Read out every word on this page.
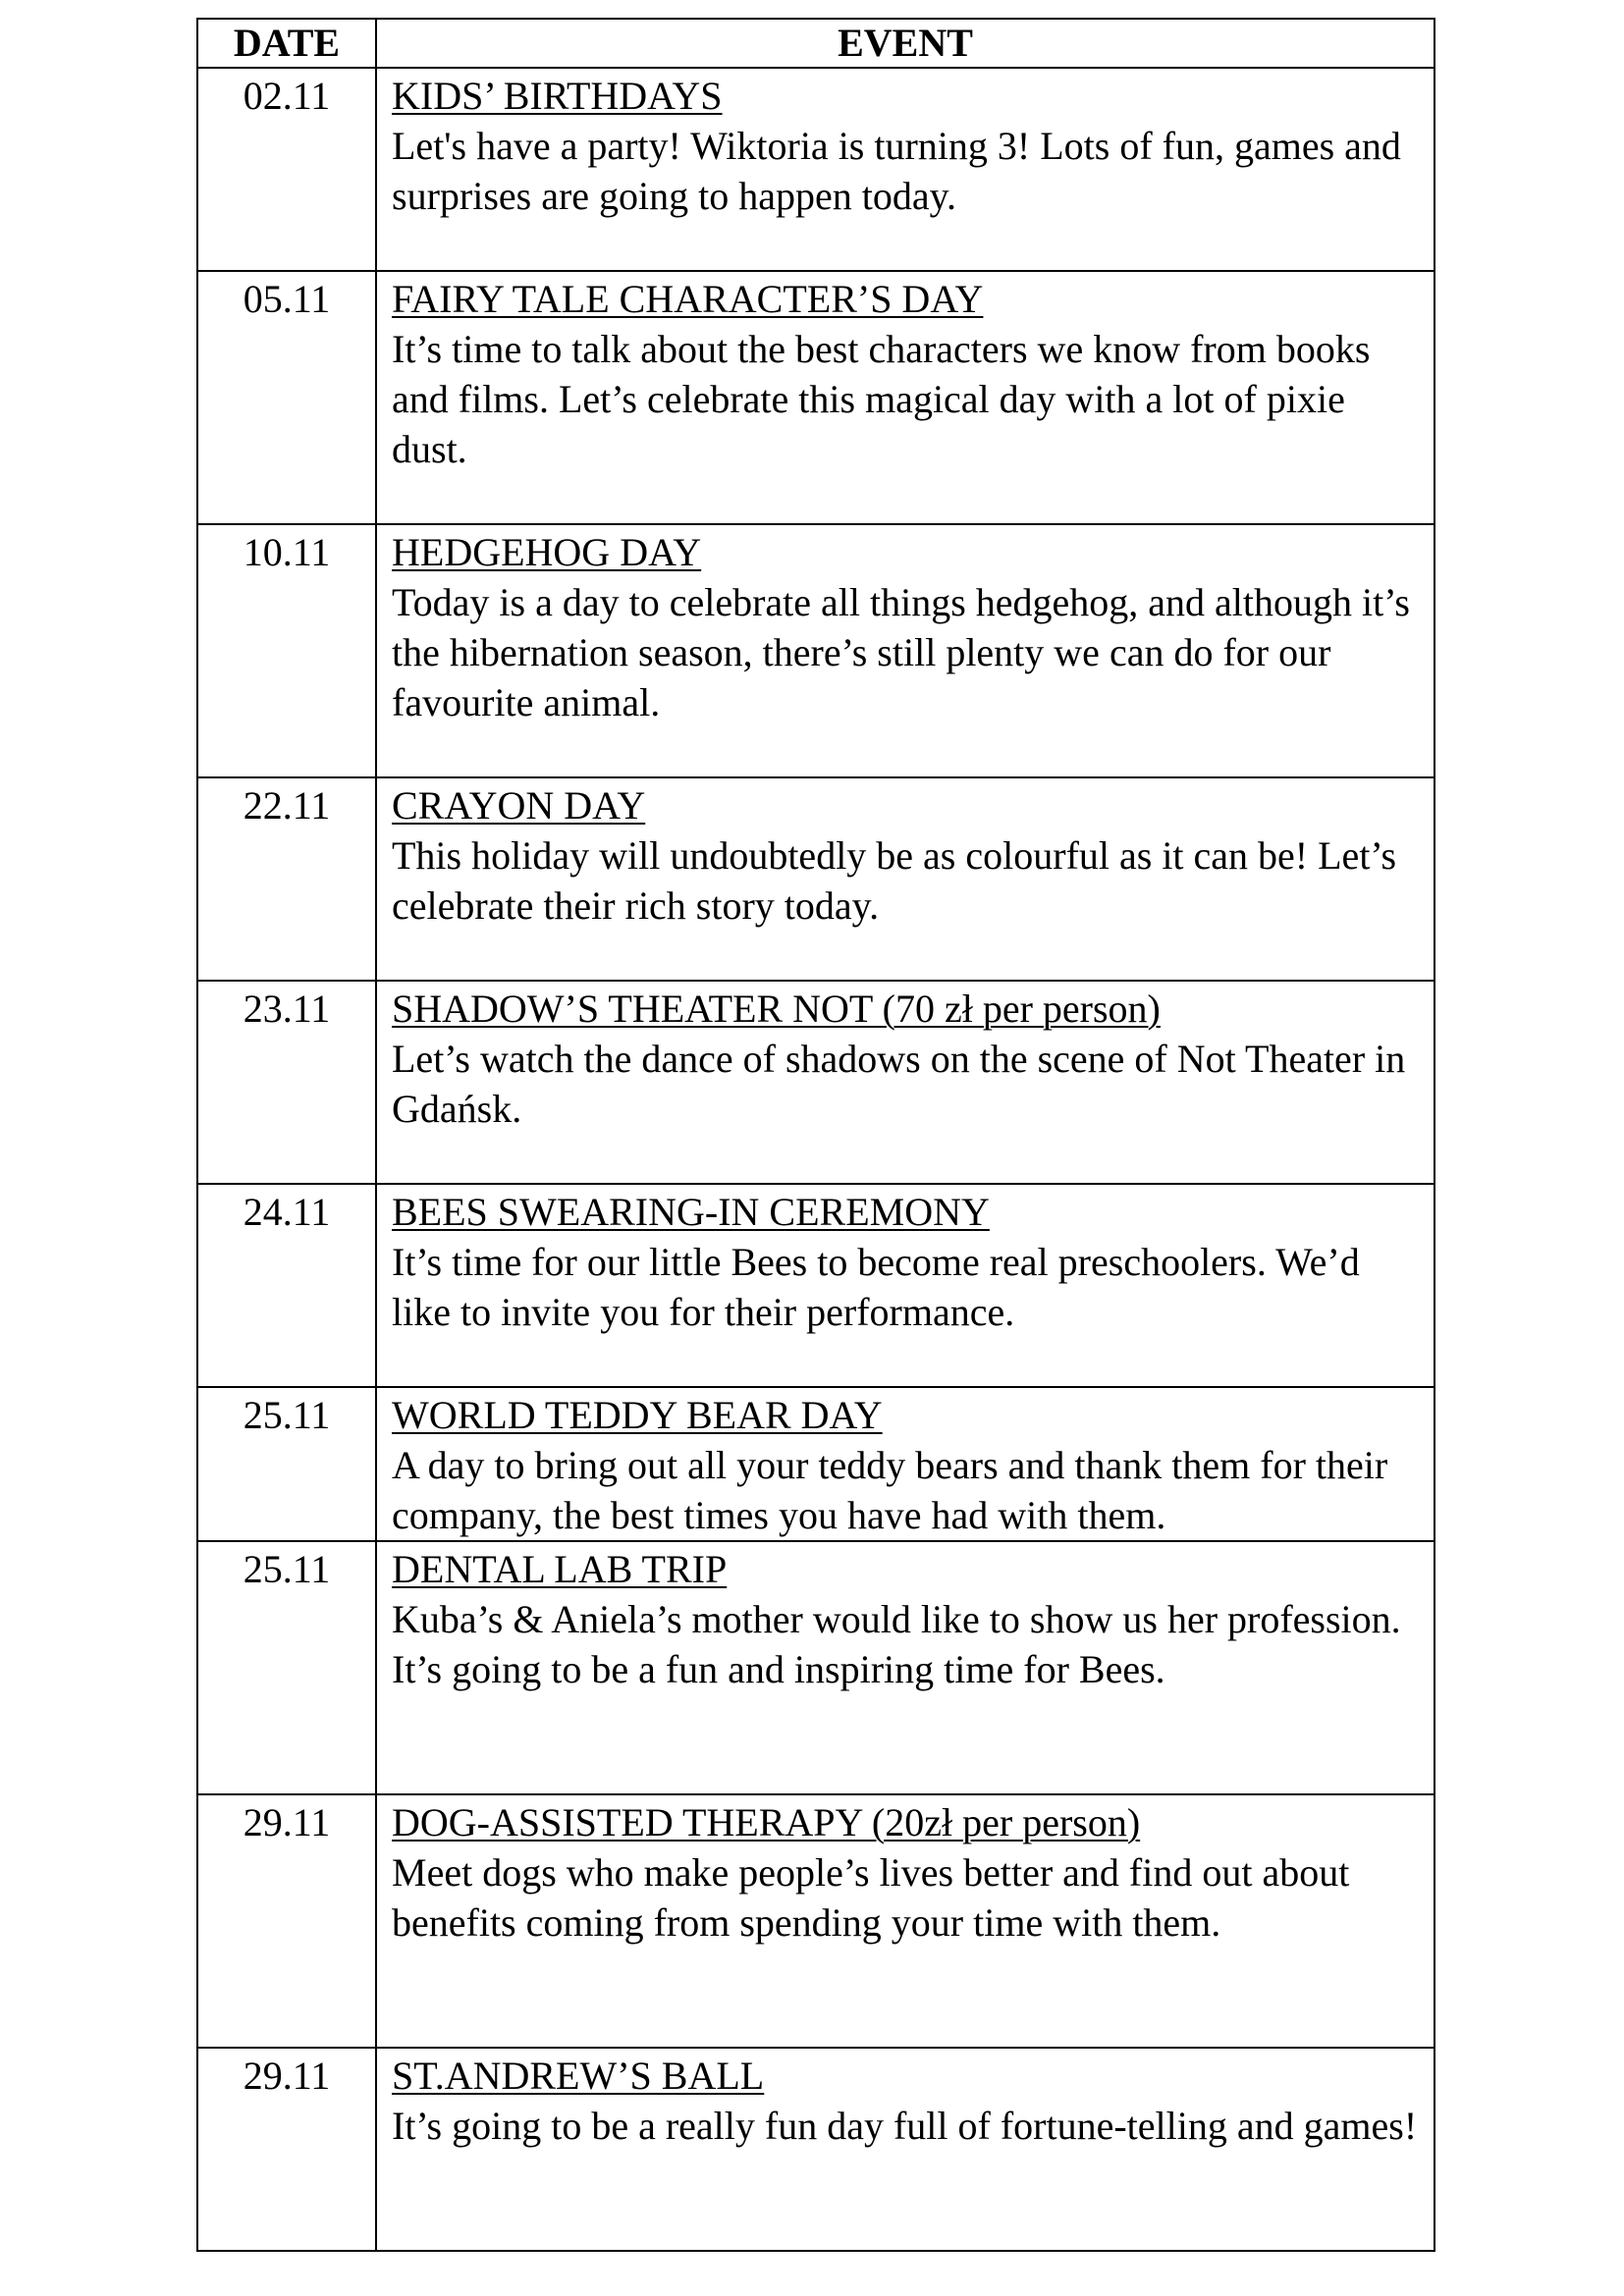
DATE	EVENT
02.11	KIDS’ BIRTHDAYS
Let's have a party! Wiktoria is turning 3! Lots of fun, games and surprises are going to happen today.

05.11	FAIRY TALE CHARACTER’S DAY
It’s time to talk about the best characters we know from books and films. Let’s celebrate this magical day with a lot of pixie dust.

10.11	HEDGEHOG DAY
Today is a day to celebrate all things hedgehog, and although it’s the hibernation season, there’s still plenty we can do for our favourite animal.

22.11	CRAYON DAY
This holiday will undoubtedly be as colourful as it can be! Let’s celebrate their rich story today.

23.11	SHADOW’S THEATER NOT (70 zł per person)
Let’s watch the dance of shadows on the scene of Not Theater in Gdańsk.

24.11	BEES SWEARING-IN CEREMONY
It’s time for our little Bees to become real preschoolers. We’d like to invite you for their performance.

25.11	WORLD TEDDY BEAR DAY
A day to bring out all your teddy bears and thank them for their company, the best times you have had with them.

25.11	DENTAL LAB TRIP
Kuba’s & Aniela’s mother would like to show us her profession. It’s going to be a fun and inspiring time for Bees.

29.11	DOG-ASSISTED THERAPY (20zł per person)
Meet dogs who make people’s lives better and find out about benefits coming from spending your time with them.

29.11	ST.ANDREW’S BALL
It’s going to be a really fun day full of fortune-telling and games!
